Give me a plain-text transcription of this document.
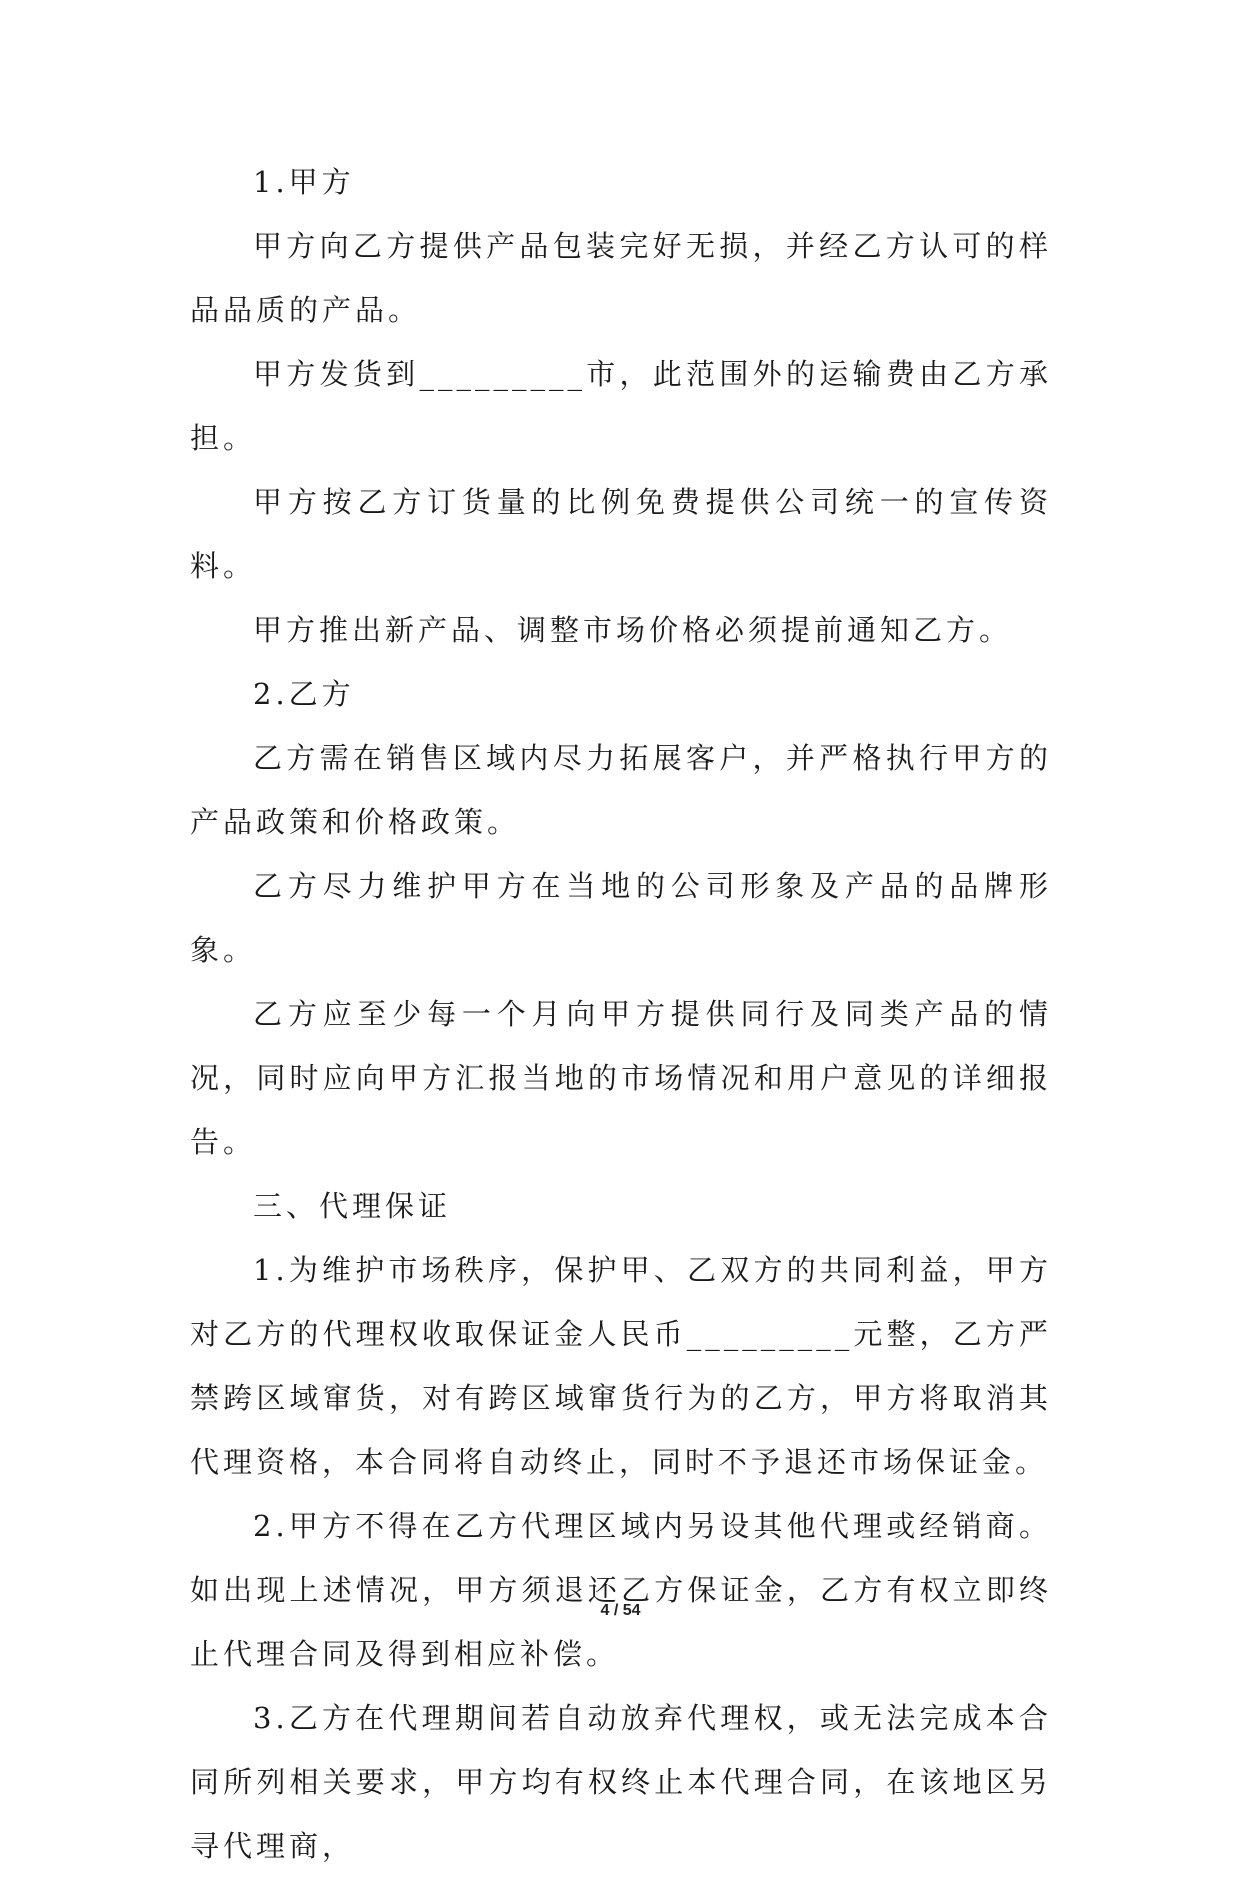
1.甲方

甲方向乙方提供产品包装完好无损，并经乙方认可的样品品质的产品。

甲方发货到_________市，此范围外的运输费由乙方承担。

甲方按乙方订货量的比例免费提供公司统一的宣传资料。

甲方推出新产品、调整市场价格必须提前通知乙方。

2.乙方

乙方需在销售区域内尽力拓展客户，并严格执行甲方的产品政策和价格政策。

乙方尽力维护甲方在当地的公司形象及产品的品牌形象。

乙方应至少每一个月向甲方提供同行及同类产品的情况，同时应向甲方汇报当地的市场情况和用户意见的详细报告。

三、代理保证

1.为维护市场秩序，保护甲、乙双方的共同利益，甲方对乙方的代理权收取保证金人民币_________元整，乙方严禁跨区域窜货，对有跨区域窜货行为的乙方，甲方将取消其代理资格，本合同将自动终止，同时不予退还市场保证金。

2.甲方不得在乙方代理区域内另设其他代理或经销商。如出现上述情况，甲方须退还乙方保证金，乙方有权立即终止代理合同及得到相应补偿。

3.乙方在代理期间若自动放弃代理权，或无法完成本合同所列相关要求，甲方均有权终止本代理合同，在该地区另寻代理商，

4 / 54
